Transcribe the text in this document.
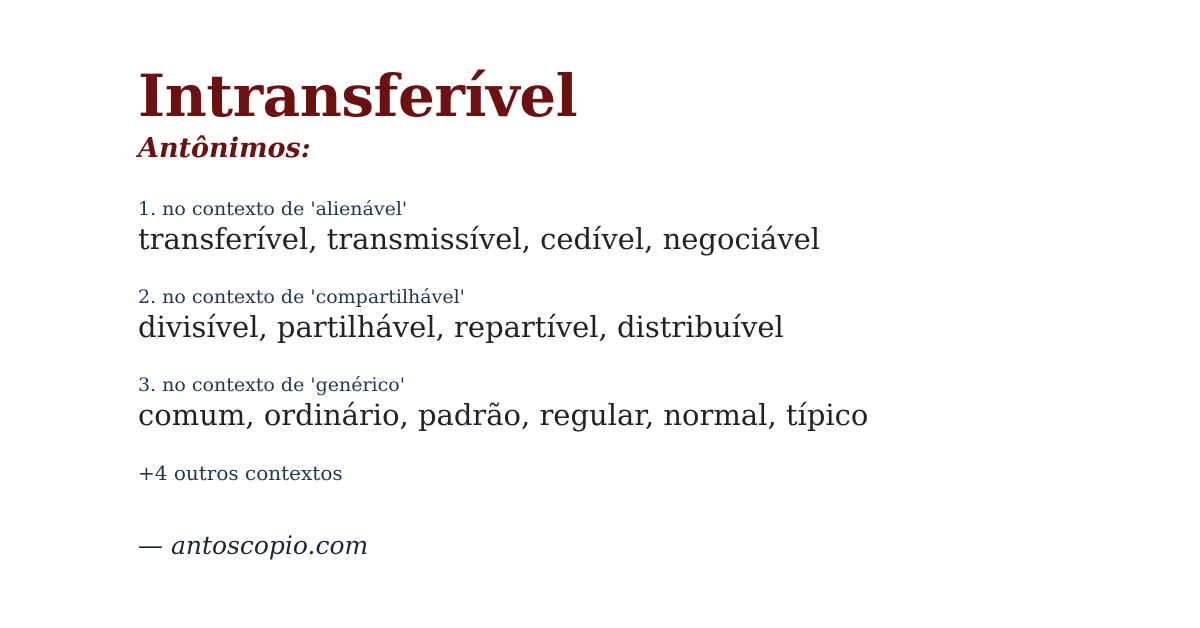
Intransferível
Antônimos:
1. no contexto de 'alienável'
transferível, transmissível, cedível, negociável
2. no contexto de 'compartilhável'
divisível, partilhável, repartível, distribuível
3. no contexto de 'genérico'
comum, ordinário, padrão, regular, normal, típico
+4 outros contextos
— antoscopio.com
